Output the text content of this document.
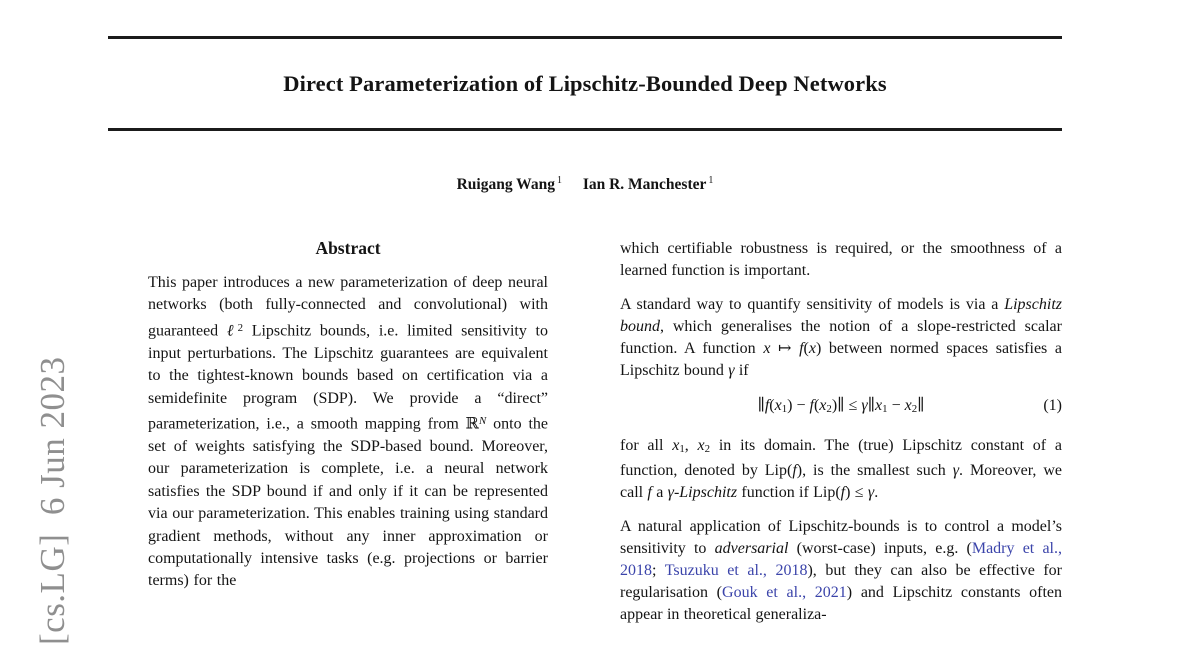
[cs.LG]  6 Jun 2023
Direct Parameterization of Lipschitz-Bounded Deep Networks
Ruigang Wang $^1$ Ian R. Manchester $^1$
Abstract

This paper introduces a new parameterization of deep neural networks (both fully-connected and convolutional) with guaranteed ℓ$^2$ Lipschitz bounds, i.e. limited sensitivity to input perturbations. The Lipschitz guarantees are equivalent to the tightest-known bounds based on certification via a semidefinite program (SDP). We provide a “direct” parameterization, i.e., a smooth mapping from ℝ$^N$ onto the set of weights satisfying the SDP-based bound. Moreover, our parameterization is complete, i.e. a neural network satisfies the SDP bound if and only if it can be represented via our parameterization. This enables training using standard gradient methods, without any inner approximation or computationally intensive tasks (e.g. projections or barrier terms) for the

which certifiable robustness is required, or the smoothness of a learned function is important.

A standard way to quantify sensitivity of models is via a Lipschitz bound, which generalises the notion of a slope-restricted scalar function. A function x ↦ f(x) between normed spaces satisfies a Lipschitz bound γ if

∥f(x1) − f(x2)∥ ≤ γ∥x1 − x2∥	(1)

for all x1, x2 in its domain. The (true) Lipschitz constant of a function, denoted by Lip(f), is the smallest such γ. Moreover, we call f a γ-Lipschitz function if Lip(f) ≤ γ.

A natural application of Lipschitz-bounds is to control a model’s sensitivity to adversarial (worst-case) inputs, e.g. (Madry et al., 2018; Tsuzuku et al., 2018), but they can also be effective for regularisation (Gouk et al., 2021) and Lipschitz constants often appear in theoretical generaliza-
